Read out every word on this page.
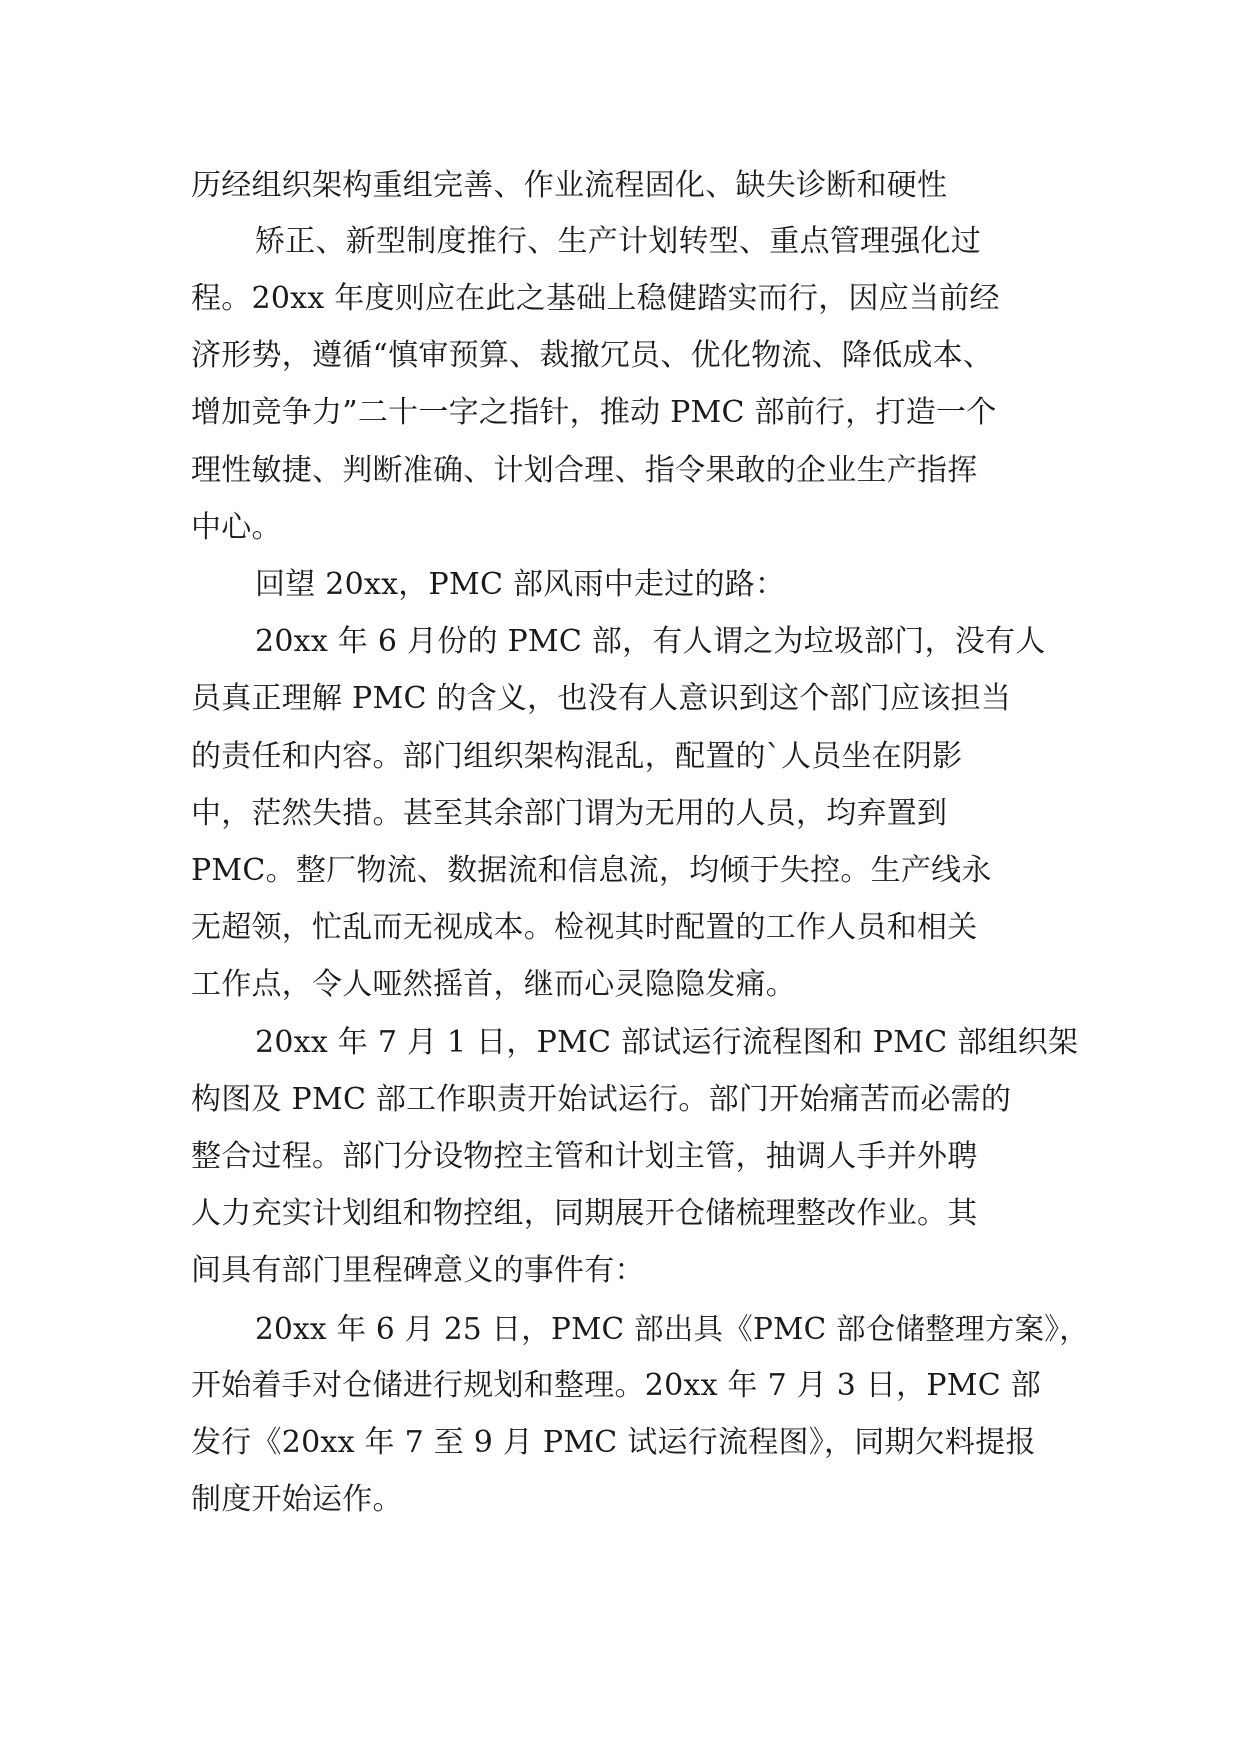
历经组织架构重组完善、作业流程固化、缺失诊断和硬性

矫正、新型制度推行、生产计划转型、重点管理强化过

程。20xx 年度则应在此之基础上稳健踏实而行，因应当前经

济形势，遵循“慎审预算、裁撤冗员、优化物流、降低成本、

增加竞争力”二十一字之指针，推动 PMC 部前行，打造一个

理性敏捷、判断准确、计划合理、指令果敢的企业生产指挥

中心。

回望 20xx，PMC 部风雨中走过的路：

20xx 年 6 月份的 PMC 部，有人谓之为垃圾部门，没有人

员真正理解 PMC 的含义，也没有人意识到这个部门应该担当

的责任和内容。部门组织架构混乱，配置的`人员坐在阴影

中，茫然失措。甚至其余部门谓为无用的人员，均弃置到

PMC。整厂物流、数据流和信息流，均倾于失控。生产线永

无超领，忙乱而无视成本。检视其时配置的工作人员和相关

工作点，令人哑然摇首，继而心灵隐隐发痛。

20xx 年 7 月 1 日，PMC 部试运行流程图和 PMC 部组织架

构图及 PMC 部工作职责开始试运行。部门开始痛苦而必需的

整合过程。部门分设物控主管和计划主管，抽调人手并外聘

人力充实计划组和物控组，同期展开仓储梳理整改作业。其

间具有部门里程碑意义的事件有：

20xx 年 6 月 25 日，PMC 部出具《PMC 部仓储整理方案》，

开始着手对仓储进行规划和整理。20xx 年 7 月 3 日，PMC 部

发行《20xx 年 7 至 9 月 PMC 试运行流程图》，同期欠料提报

制度开始运作。
